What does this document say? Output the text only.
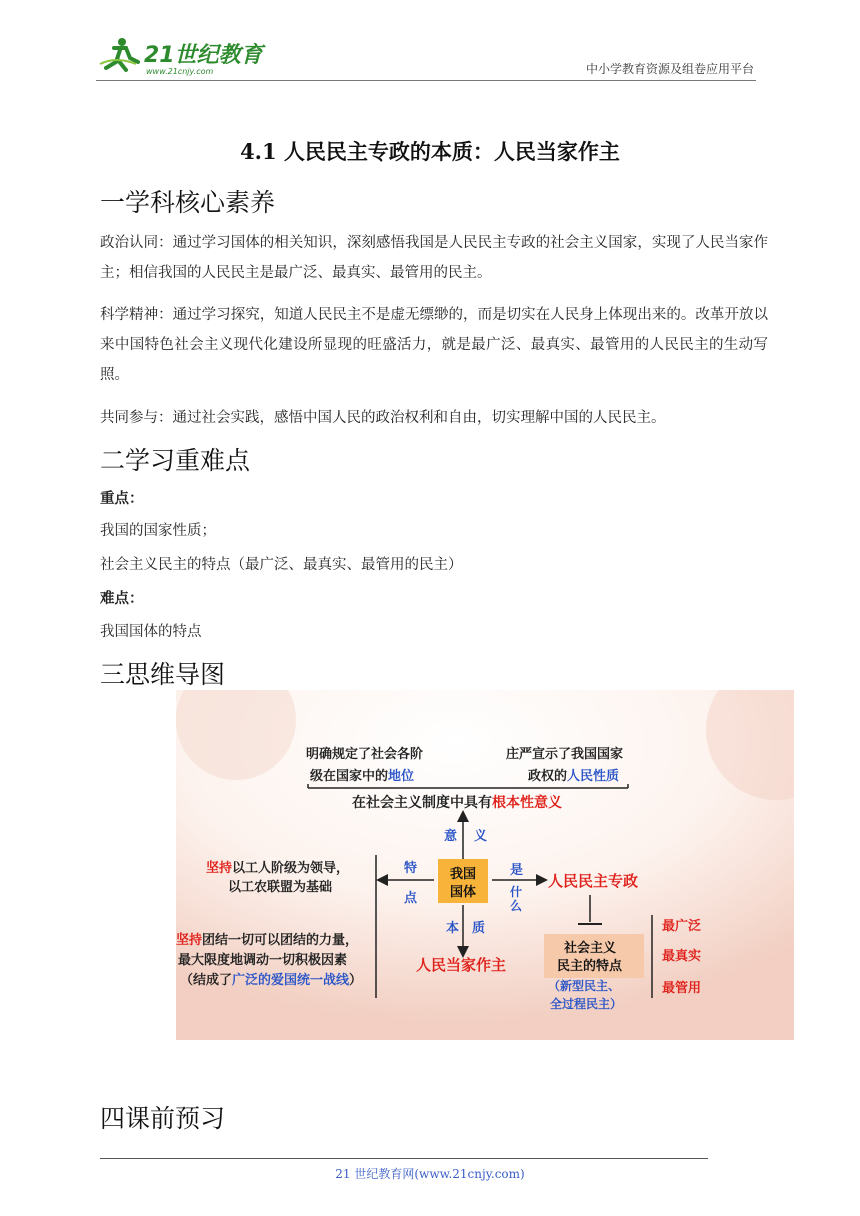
21世纪教育
www.21cnjy.com	中小学教育资源及组卷应用平台
4.1 人民民主专政的本质：人民当家作主
一学科核心素养
政治认同：通过学习国体的相关知识，深刻感悟我国是人民民主专政的社会主义国家，实现了人民当家作主；相信我国的人民民主是最广泛、最真实、最管用的民主。
科学精神：通过学习探究，知道人民民主不是虚无缥缈的，而是切实在人民身上体现出来的。改革开放以来中国特色社会主义现代化建设所显现的旺盛活力，就是最广泛、最真实、最管用的人民民主的生动写照。
共同参与：通过社会实践，感悟中国人民的政治权利和自由，切实理解中国的人民民主。
二学习重难点
重点：
我国的国家性质；
社会主义民主的特点（最广泛、最真实、最管用的民主）
难点：
我国国体的特点
三思维导图
明确规定了社会各阶
级在国家中的地位
庄严宣示了我国国家
政权的人民性质
在社会主义制度中具有根本性意义
意 义
我国
国体
特
点
坚持以工人阶级为领导，
以工农联盟为基础
坚持团结一切可以团结的力量，
最大限度地调动一切积极因素
（结成了广泛的爱国统一战线）
是
什
么
人民民主专政
本 质
人民当家作主
社会主义
民主的特点
（新型民主、
全过程民主）
最广泛
最真实
最管用
四课前预习
21 世纪教育网(www.21cnjy.com)
